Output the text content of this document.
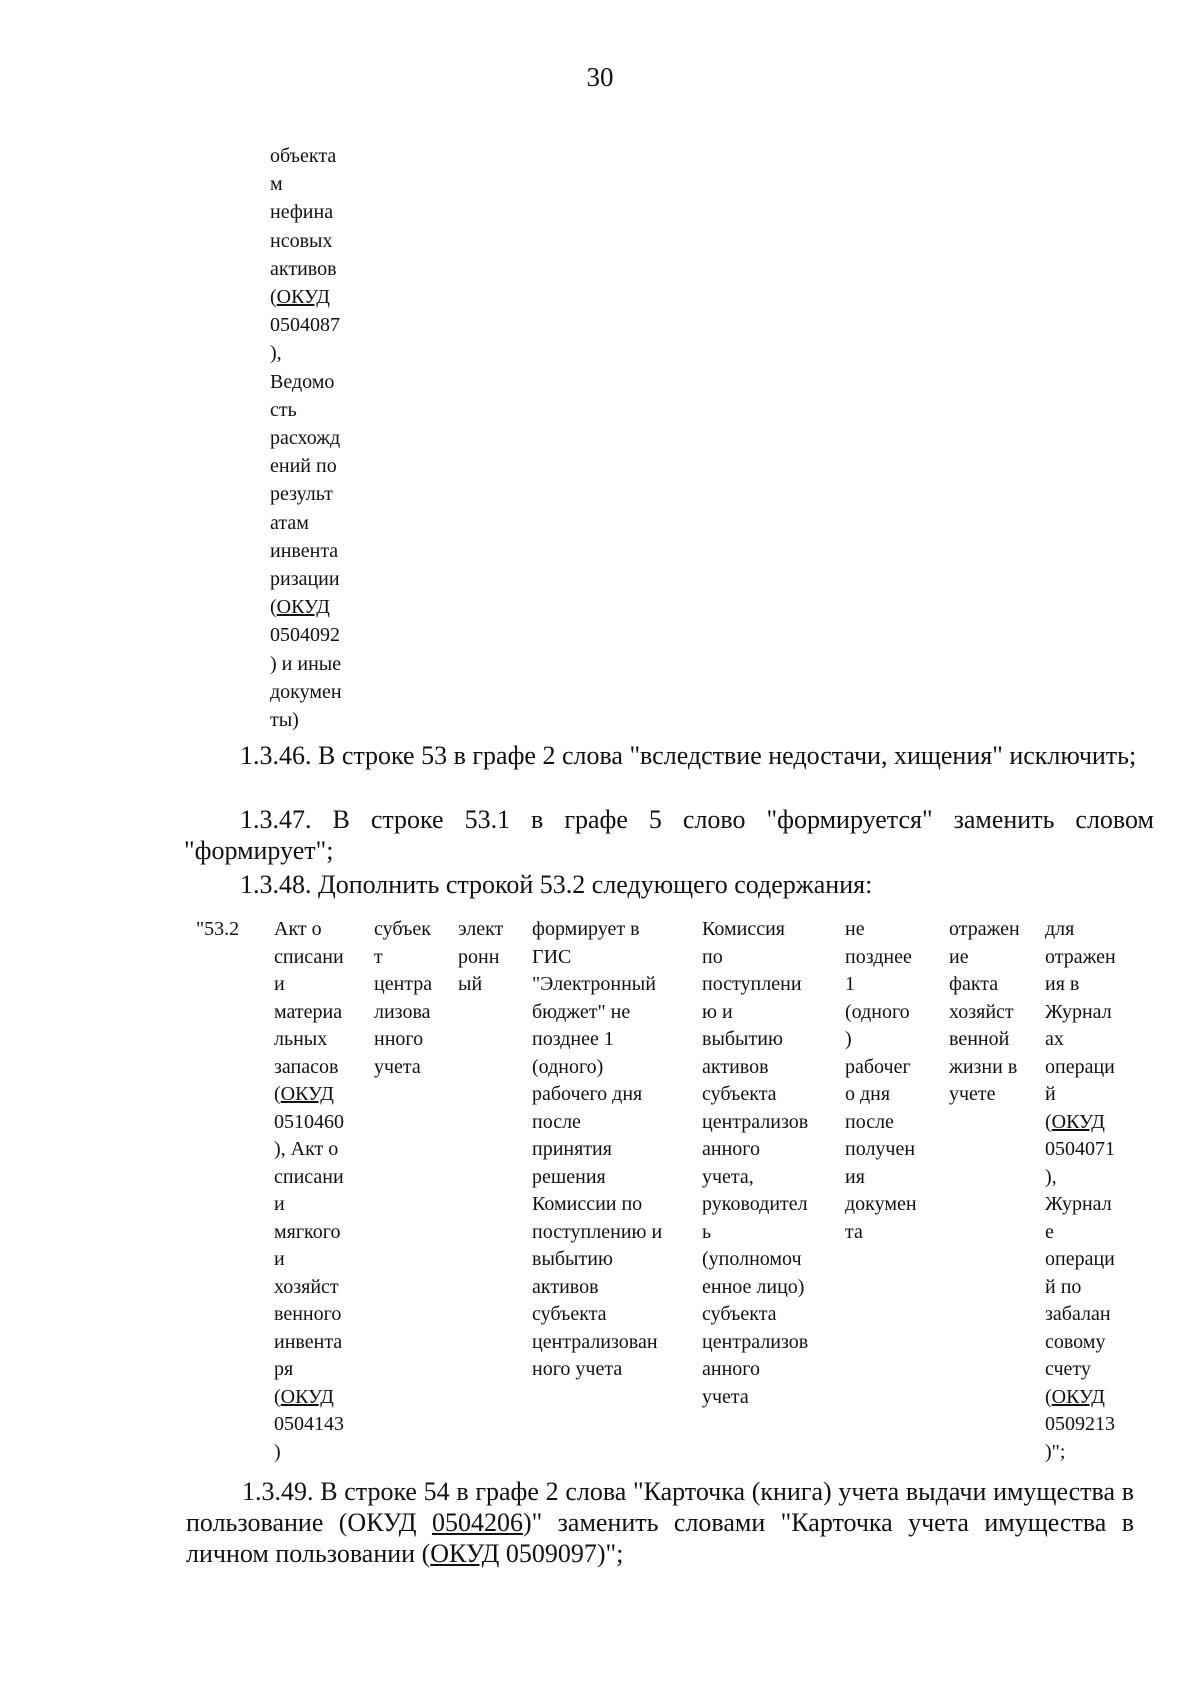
30
объекта
м
нефина
нсовых
активов
(ОКУД
0504087
),
Ведомо
сть
расхожд
ений по
результ
атам
инвента
ризации
(ОКУД
0504092
) и иные
докумен
ты)
1.3.46. В строке 53 в графе 2 слова "вследствие недостачи, хищения" исключить;
1.3.47. В строке 53.1 в графе 5 слово "формируется" заменить словом "формирует";
1.3.48. Дополнить строкой 53.2 следующего содержания:
"53.2 Акт о
списани
и
материа
льных
запасов
(ОКУД
0510460
), Акт о
списани
и
мягкого
и
хозяйст
венного
инвента
ря
(ОКУД
0504143
)
субъек
т
центра
лизова
нного
учета
элект
ронн
ый
формирует в
ГИС
"Электронный
бюджет" не
позднее 1
(одного)
рабочего дня
после
принятия
решения
Комиссии по
поступлению и
выбытию
активов
субъекта
централизован
ного учета
Комиссия
по
поступлени
ю и
выбытию
активов
субъекта
централизов
анного
учета,
руководител
ь
(уполномоч
енное лицо)
субъекта
централизов
анного
учета
не
позднее
1
(одного
)
рабочег
о дня
после
получен
ия
докумен
та
отражен
ие
факта
хозяйст
венной
жизни в
учете
для
отражен
ия в
Журнал
ах
операци
й
(ОКУД
0504071
),
Журнал
е
операци
й по
забалан
совому
счету
(ОКУД
0509213
)";
1.3.49. В строке 54 в графе 2 слова "Карточка (книга) учета выдачи имущества в пользование (ОКУД 0504206)" заменить словами "Карточка учета имущества в личном пользовании (ОКУД 0509097)";
